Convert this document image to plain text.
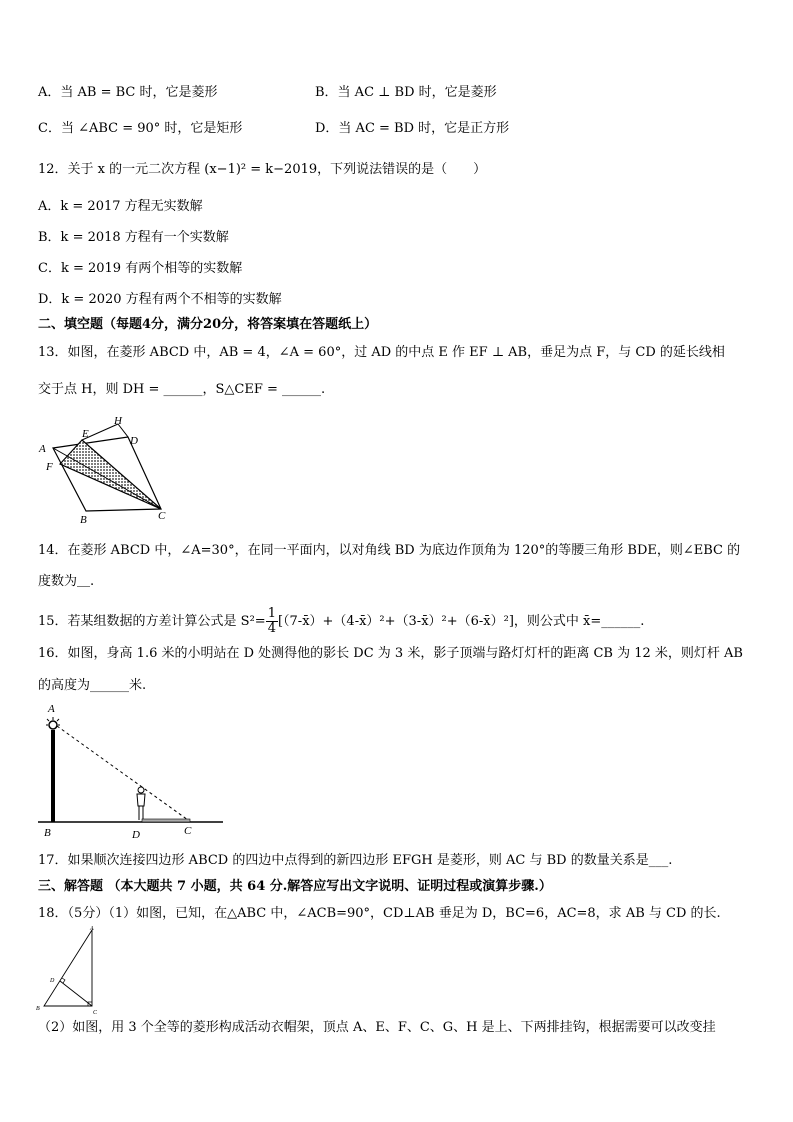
A．当 AB = BC 时，它是菱形	B．当 AC ⊥ BD 时，它是菱形
C．当 ∠ABC = 90° 时，它是矩形	D．当 AC = BD 时，它是正方形
12．关于 x 的一元二次方程 (x−1)² = k−2019，下列说法错误的是（　　）
A．k = 2017 方程无实数解
B．k = 2018 方程有一个实数解
C．k = 2019 有两个相等的实数解
D．k = 2020 方程有两个不相等的实数解
二、填空题（每题4分，满分20分，将答案填在答题纸上）
13．如图，在菱形 ABCD 中，AB = 4，∠A = 60°，过 AD 的中点 E 作 EF ⊥ AB，垂足为点 F，与 CD 的延长线相
交于点 H，则 DH = ______，S△CEF = ______.
H
E
D
A
F
B	C
14．在菱形 ABCD 中，∠A=30°，在同一平面内，以对角线 BD 为底边作顶角为 120°的等腰三角形 BDE，则∠EBC 的
度数为＿.
15．若某组数据的方差计算公式是 $S^2= \frac{1}{4}$ [（7-x̄）+（4-x̄）²+（3-x̄）²+（6-x̄）²]，则公式中 x̄=______.
16．如图，身高 1.6 米的小明站在 D 处测得他的影长 DC 为 3 米，影子顶端与路灯灯杆的距离 CB 为 12 米，则灯杆 AB
的高度为______米.
A
B	D	C
17．如果顺次连接四边形 ABCD 的四边中点得到的新四边形 EFGH 是菱形，则 AC 与 BD 的数量关系是___.
三、解答题 （本大题共 7 小题，共 64 分.解答应写出文字说明、证明过程或演算步骤.）
18．（5分）（1）如图，已知，在△ABC 中，∠ACB=90°，CD⊥AB 垂足为 D，BC=6，AC=8，求 AB 与 CD 的长.
A
D
B
C
（2）如图，用 3 个全等的菱形构成活动衣帽架，顶点 A、E、F、C、G、H 是上、下两排挂钩，根据需要可以改变挂
